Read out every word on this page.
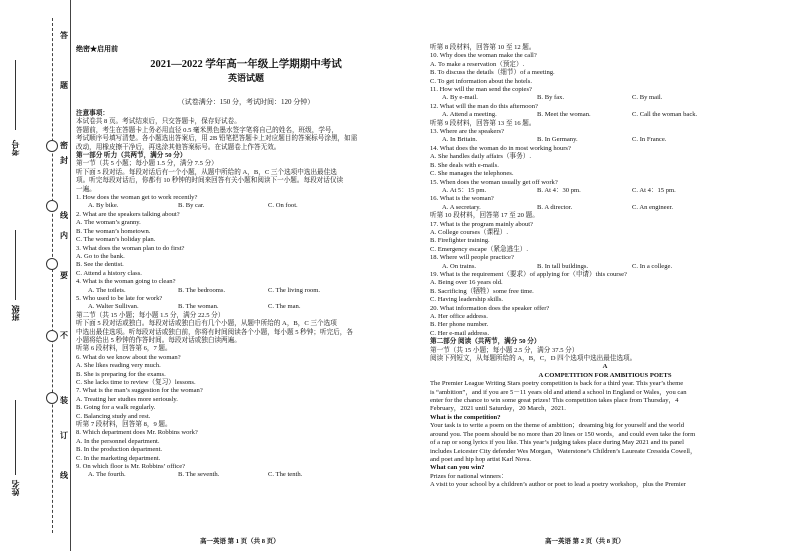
考号
班级
姓名
线
订
装
不
要
内
线
封
密
题
答
绝密★启用前
2021—2022 学年高一年级上学期期中考试
英语试题
（试卷满分：150 分，考试时间：120 分钟）

注意事项：

本试卷共 8 页。考试结束后，只交答题卡，保存好试卷。

答题前，考生在答题卡上务必用直径 0.5 毫米黑色墨水签字笔将自己的姓名，班级，学号，

考试顺序号填写清楚。各小题选出答案后，用 2B 铅笔把答题卡上对应题目的答案标号涂黑，如需

改动，用橡皮擦干净后，再选涂其他答案标号。在试题卷上作答无效。

第一部分 听力（共两节，满分 50 分）

第一节（共 5 小题；每小题 1.5 分，满分 7.5 分）

听下面 5 段对话。每段对话后有一个小题，从题中所给的 A，B，C 三个选项中选出最佳选

项。听完每段对话后，你都有 10 秒钟的时间来回答有关小题和阅读下一小题。每段对话仅读

一遍。

1. How does the woman get to work recently?

A. By bike.	B. By car.	C. On foot.

2. What are the speakers talking about?

A. The woman’s granny.

B. The woman’s hometown.

C. The woman’s holiday plan.

3. What does the woman plan to do first?

A. Go to the bank.

B. See the dentist.

C. Attend a history class.

4. What is the woman going to clean?

A. The toilets.	B. The bedrooms.	C. The living room.

5. Who used to be late for work?

A. Walter Sullivan.	B. The woman.	C. The man.

第二节（共 15 小题；每小题 1.5 分，满分 22.5 分）

听下面 5 段对话或独白。每段对话或独白后有几个小题，从题中所给的 A，B，C 三个选项

中选出最佳选项。听每段对话或独白前，你将有时间阅读各个小题，每小题 5 秒钟；听完后，各

小题将给出 5 秒钟的作答时间。每段对话或独白读两遍。

听第 6 段材料，回答第 6，7 题。

6. What do we know about the woman?

A. She likes reading very much.

B. She is preparing for the exams.

C. She lacks time to review（复习）lessons.

7. What is the man’s suggestion for the woman?

A. Treating her studies more seriously.

B. Going for a walk regularly.

C. Balancing study and rest.

听第 7 段材料，回答第 8，9 题。

8. Which department does Mr. Robbins work?

A. In the personnel department.

B. In the production department.

C. In the marketing department.

9. On which floor is Mr. Robbins’ office?

A. The fourth.	B. The seventh.	C. The tenth.

听第 8 段材料，回答第 10 至 12 题。

10. Why does the woman make the call?

A. To make a reservation（预定）.

B. To discuss the details（细节）of a meeting.

C. To get information about the hotels.

11. How will the man send the copies?

A. By e-mail.	B. By fax.	C. By mail.

12. What will the man do this afternoon?

A. Attend a meeting.	B. Meet the woman.	C. Call the woman back.

听第 9 段材料，回答第 13 至 16 题。

13. Where are the speakers?

A. In Britain.	B. In Germany.	C. In France.

14. What does the woman do in most working hours?

A. She handles daily affairs（事务）.

B. She deals with e-mails.

C. She manages the telephones.

15. When does the woman usually get off work?

A. At 5：15 pm.	B. At 4：30 pm.	C. At 4：15 pm.

16. What is the woman?

A. A secretary.	B. A director.	C. An engineer.

听第 10 段材料，回答第 17 至 20 题。

17. What is the program mainly about?

A. College courses（课程）.

B. Firefighter training.

C. Emergency escape（紧急逃生）.

18. Where will people practice?

A. On trains.	B. In tall buildings.	C. In a college.

19. What is the requirement（要求）of applying for（申请）this course?

A. Being over 16 years old.

B. Sacrificing（牺牲）some free time.

C. Having leadership skills.

20. What information does the speaker offer?

A. Her office address.

B. Her phone number.

C. Her e-mail address.

第二部分 阅读（共两节，满分 50 分）

第一节（共 15 小题；每小题 2.5 分，满分 37.5 分）

阅读下列短文，从每题所给的 A，B，C，D 四个选项中选出最佳选项。

A

A COMPETITION FOR AMBITIOUS POETS

The Premier League Writing Stars poetry competition is back for a third year. This year’s theme

is “ambition”，and if you are 5－11 years old and attend a school in England or Wales，you can

enter for the chance to win some great prizes! This competition takes place from Thursday，4

February，2021 until Saturday，20 March，2021.

What is the competition?

Your task is to write a poem on the theme of ambition；dreaming big for yourself and the world

around you. The poem should be no more than 20 lines or 150 words，and could even take the form

of a rap or song lyrics if you like. This year’s judging takes place during May 2021 and its panel

includes Leicester City defender Wes Morgan，Waterstone’s Children’s Laureate Cressida Cowell，

and poet and hip hop artist Karl Nova.

What can you win?

Prizes for national winners：

A visit to your school by a children’s author or poet to lead a poetry workshop，plus the Premier

高一英语 第 1 页（共 8 页）	高一英语 第 2 页（共 8 页）
